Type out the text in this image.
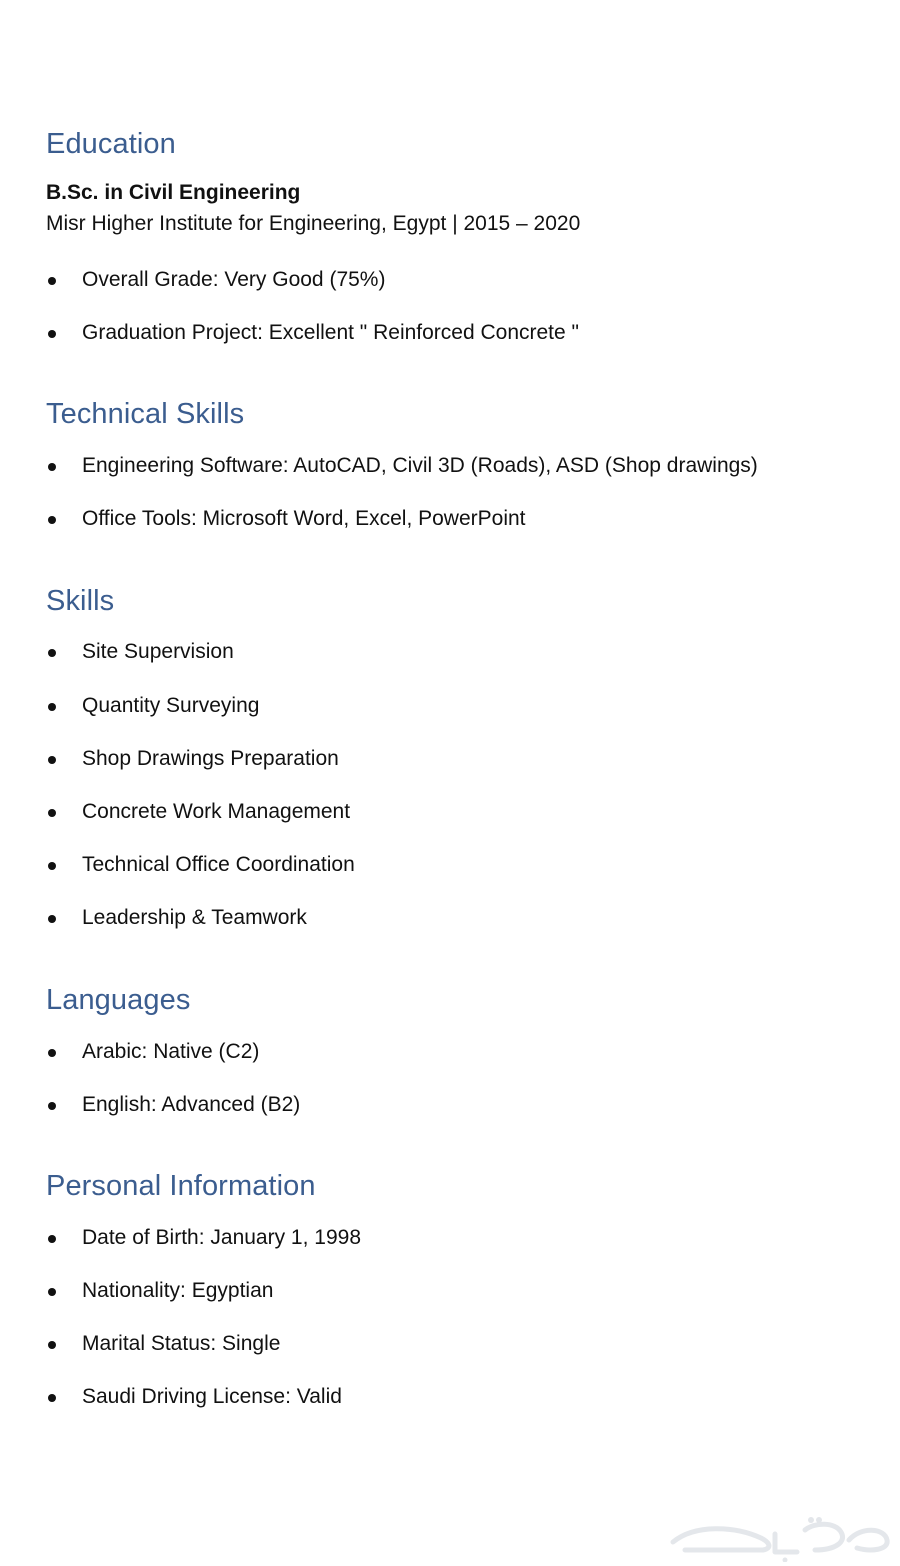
Education
B.Sc. in Civil Engineering
Misr Higher Institute for Engineering, Egypt | 2015 – 2020
Overall Grade: Very Good (75%)
Graduation Project: Excellent " Reinforced Concrete "
Technical Skills
Engineering Software: AutoCAD, Civil 3D (Roads), ASD (Shop drawings)
Office Tools: Microsoft Word, Excel, PowerPoint
Skills
Site Supervision
Quantity Surveying
Shop Drawings Preparation
Concrete Work Management
Technical Office Coordination
Leadership & Teamwork
Languages
Arabic: Native (C2)
English: Advanced (B2)
Personal Information
Date of Birth: January 1, 1998
Nationality: Egyptian
Marital Status: Single
Saudi Driving License: Valid
